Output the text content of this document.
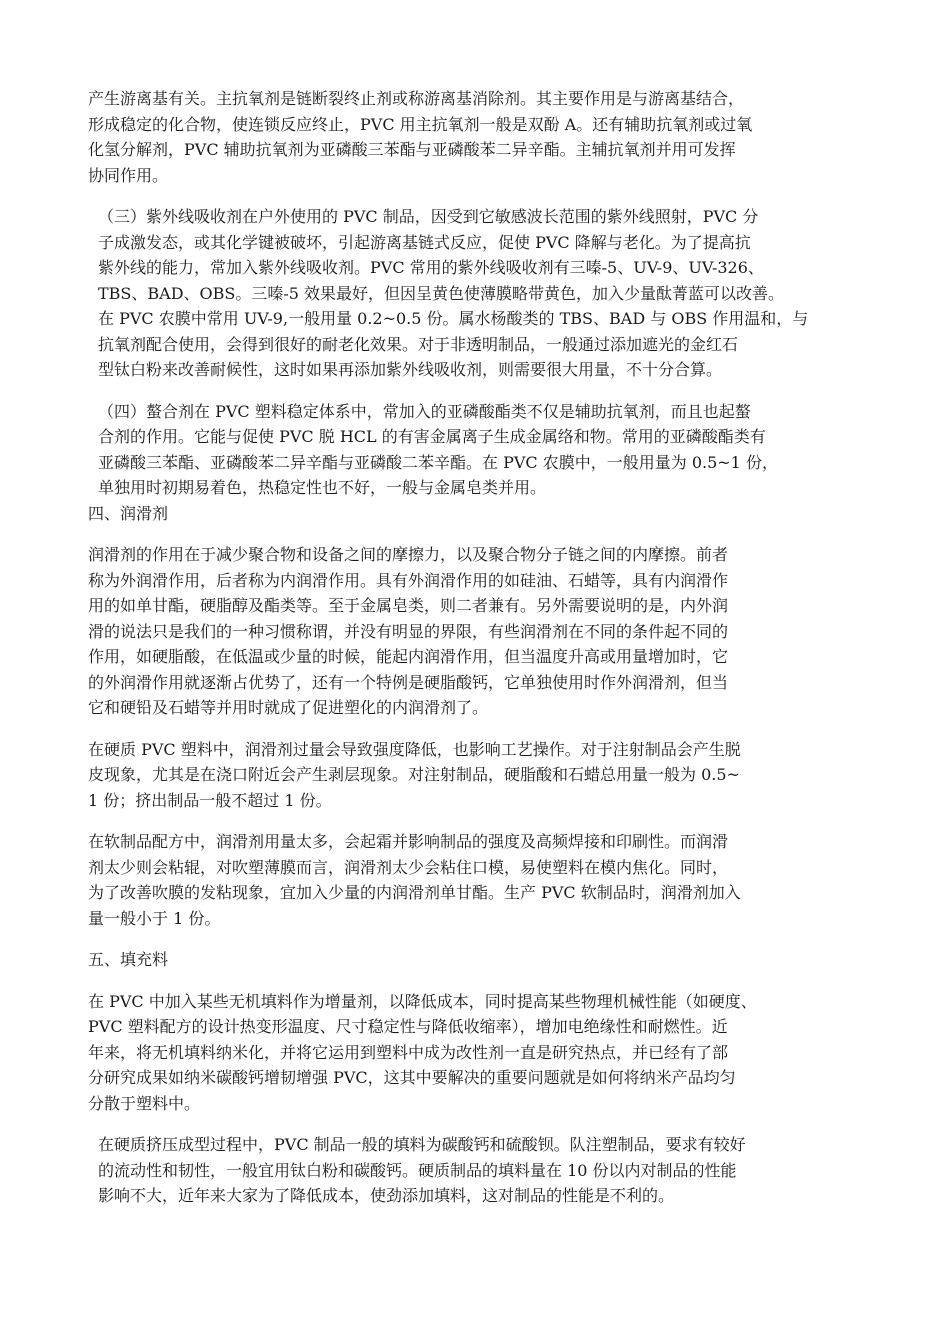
产生游离基有关。主抗氧剂是链断裂终止剂或称游离基消除剂。其主要作用是与游离基结合，
形成稳定的化合物，使连锁反应终止，PVC 用主抗氧剂一般是双酚 A。还有辅助抗氧剂或过氧
化氢分解剂，PVC 辅助抗氧剂为亚磷酸三苯酯与亚磷酸苯二异辛酯。主辅抗氧剂并用可发挥
协同作用。
（三）紫外线吸收剂在户外使用的 PVC 制品，因受到它敏感波长范围的紫外线照射，PVC 分
子成激发态，或其化学键被破坏，引起游离基链式反应，促使 PVC 降解与老化。为了提高抗
紫外线的能力，常加入紫外线吸收剂。PVC 常用的紫外线吸收剂有三嗪-5、UV-9、UV-326、
TBS、BAD、OBS。三嗪-5 效果最好，但因呈黄色使薄膜略带黄色，加入少量酞菁蓝可以改善。
在 PVC 农膜中常用 UV-9,一般用量 0.2~0.5 份。属水杨酸类的 TBS、BAD 与 OBS 作用温和，与
抗氧剂配合使用，会得到很好的耐老化效果。对于非透明制品，一般通过添加遮光的金红石
型钛白粉来改善耐候性，这时如果再添加紫外线吸收剂，则需要很大用量，不十分合算。
（四）螯合剂在 PVC 塑料稳定体系中，常加入的亚磷酸酯类不仅是辅助抗氧剂，而且也起螯
合剂的作用。它能与促使 PVC 脱 HCL 的有害金属离子生成金属络和物。常用的亚磷酸酯类有
亚磷酸三苯酯、亚磷酸苯二异辛酯与亚磷酸二苯辛酯。在 PVC 农膜中，一般用量为 0.5~1 份，
单独用时初期易着色，热稳定性也不好，一般与金属皂类并用。
四、润滑剂
润滑剂的作用在于减少聚合物和设备之间的摩擦力，以及聚合物分子链之间的内摩擦。前者
称为外润滑作用，后者称为内润滑作用。具有外润滑作用的如硅油、石蜡等，具有内润滑作
用的如单甘酯，硬脂醇及酯类等。至于金属皂类，则二者兼有。另外需要说明的是，内外润
滑的说法只是我们的一种习惯称谓，并没有明显的界限，有些润滑剂在不同的条件起不同的
作用，如硬脂酸，在低温或少量的时候，能起内润滑作用，但当温度升高或用量增加时，它
的外润滑作用就逐渐占优势了，还有一个特例是硬脂酸钙，它单独使用时作外润滑剂，但当
它和硬铅及石蜡等并用时就成了促进塑化的内润滑剂了。
在硬质 PVC 塑料中，润滑剂过量会导致强度降低，也影响工艺操作。对于注射制品会产生脱
皮现象，尤其是在浇口附近会产生剥层现象。对注射制品，硬脂酸和石蜡总用量一般为 0.5~
1 份；挤出制品一般不超过 1 份。
在软制品配方中，润滑剂用量太多，会起霜并影响制品的强度及高频焊接和印刷性。而润滑
剂太少则会粘辊，对吹塑薄膜而言，润滑剂太少会粘住口模，易使塑料在模内焦化。同时，
为了改善吹膜的发粘现象，宜加入少量的内润滑剂单甘酯。生产 PVC 软制品时，润滑剂加入
量一般小于 1 份。
五、填充料
在 PVC 中加入某些无机填料作为增量剂，以降低成本，同时提高某些物理机械性能（如硬度、
PVC 塑料配方的设计热变形温度、尺寸稳定性与降低收缩率），增加电绝缘性和耐燃性。近
年来，将无机填料纳米化，并将它运用到塑料中成为改性剂一直是研究热点，并已经有了部
分研究成果如纳米碳酸钙增韧增强 PVC，这其中要解决的重要问题就是如何将纳米产品均匀
分散于塑料中。
在硬质挤压成型过程中，PVC 制品一般的填料为碳酸钙和硫酸钡。队注塑制品，要求有较好
的流动性和韧性，一般宜用钛白粉和碳酸钙。硬质制品的填料量在 10 份以内对制品的性能
影响不大，近年来大家为了降低成本，使劲添加填料，这对制品的性能是不利的。
